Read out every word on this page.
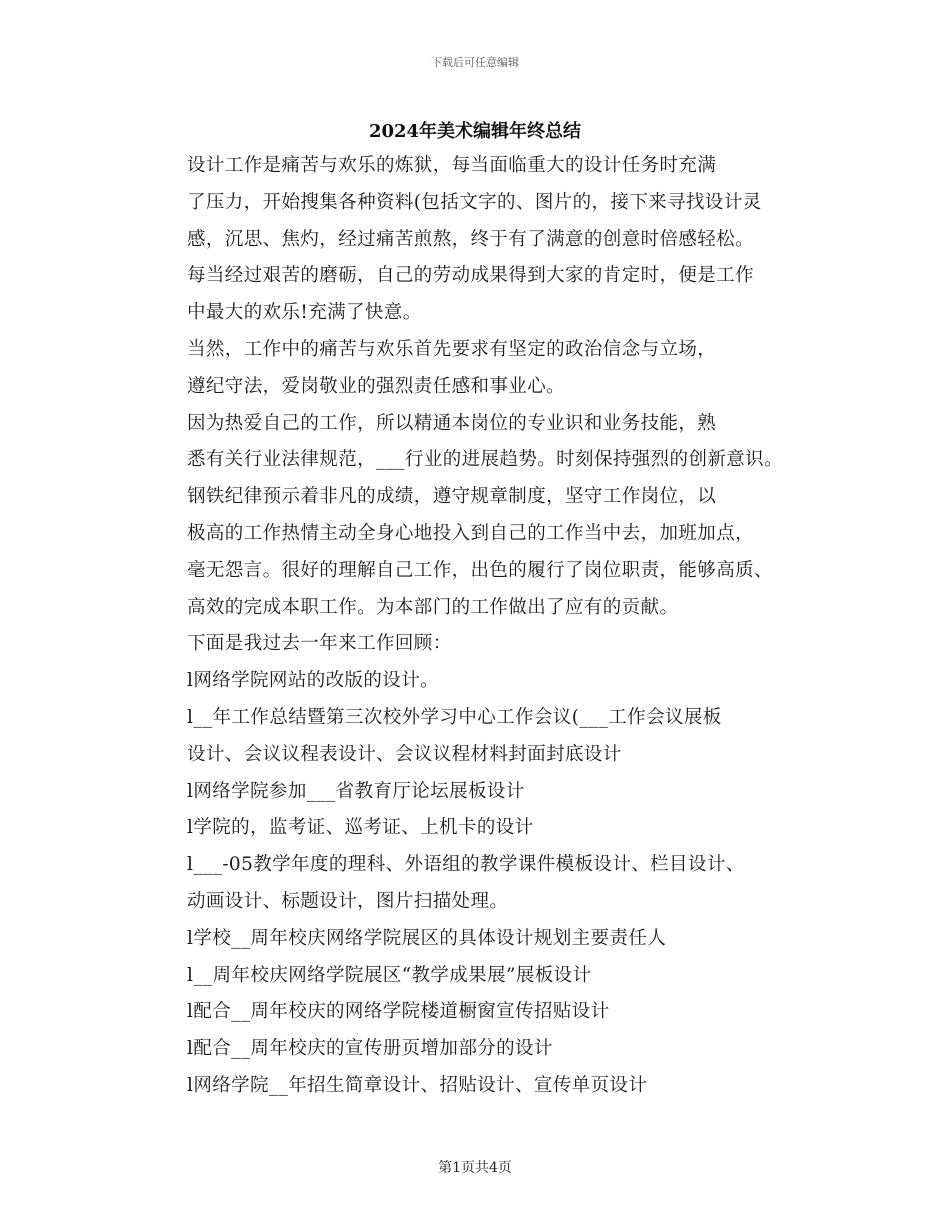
下载后可任意编辑
2024年美术编辑年终总结

设计工作是痛苦与欢乐的炼狱，每当面临重大的设计任务时充满
了压力，开始搜集各种资料(包括文字的、图片的，接下来寻找设计灵
感，沉思、焦灼，经过痛苦煎熬，终于有了满意的创意时倍感轻松。
每当经过艰苦的磨砺，自己的劳动成果得到大家的肯定时，便是工作
中最大的欢乐!充满了快意。

当然，工作中的痛苦与欢乐首先要求有坚定的政治信念与立场，
遵纪守法，爱岗敬业的强烈责任感和事业心。

因为热爱自己的工作，所以精通本岗位的专业识和业务技能，熟
悉有关行业法律规范，___行业的进展趋势。时刻保持强烈的创新意识。

钢铁纪律预示着非凡的成绩，遵守规章制度，坚守工作岗位，以
极高的工作热情主动全身心地投入到自己的工作当中去，加班加点，
毫无怨言。很好的理解自己工作，出色的履行了岗位职责，能够高质、
高效的完成本职工作。为本部门的工作做出了应有的贡献。

下面是我过去一年来工作回顾：

l网络学院网站的改版的设计。

l__年工作总结暨第三次校外学习中心工作会议(___工作会议展板
设计、会议议程表设计、会议议程材料封面封底设计

l网络学院参加___省教育厅论坛展板设计

l学院的，监考证、巡考证、上机卡的设计

l___-05教学年度的理科、外语组的教学课件模板设计、栏目设计、
动画设计、标题设计，图片扫描处理。

l学校__周年校庆网络学院展区的具体设计规划主要责任人

l__周年校庆网络学院展区“教学成果展”展板设计

l配合__周年校庆的网络学院楼道橱窗宣传招贴设计

l配合__周年校庆的宣传册页增加部分的设计

l网络学院__年招生简章设计、招贴设计、宣传单页设计

第1页共4页
